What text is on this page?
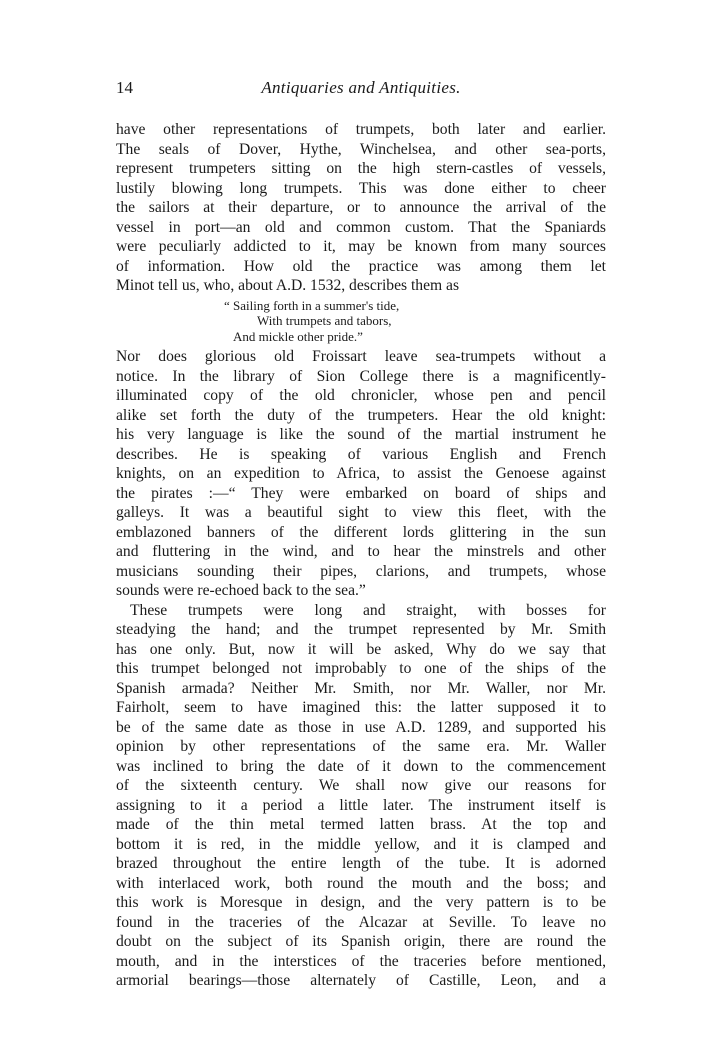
14	Antiquaries and Antiquities.
have other representations of trumpets, both later and earlier.
The seals of Dover, Hythe, Winchelsea, and other sea-ports,
represent trumpeters sitting on the high stern-castles of vessels,
lustily blowing long trumpets. This was done either to cheer
the sailors at their departure, or to announce the arrival of the
vessel in port—an old and common custom. That the Spaniards
were peculiarly addicted to it, may be known from many sources
of information. How old the practice was among them let
Minot tell us, who, about A.D. 1532, describes them as
“ Sailing forth in a summer's tide,
With trumpets and tabors,
And mickle other pride.”
Nor does glorious old Froissart leave sea-trumpets without a
notice. In the library of Sion College there is a magnificently-
illuminated copy of the old chronicler, whose pen and pencil
alike set forth the duty of the trumpeters. Hear the old knight:
his very language is like the sound of the martial instrument he
describes. He is speaking of various English and French
knights, on an expedition to Africa, to assist the Genoese against
the pirates :—“ They were embarked on board of ships and
galleys. It was a beautiful sight to view this fleet, with the
emblazoned banners of the different lords glittering in the sun
and fluttering in the wind, and to hear the minstrels and other
musicians sounding their pipes, clarions, and trumpets, whose
sounds were re-echoed back to the sea.”
These trumpets were long and straight, with bosses for
steadying the hand; and the trumpet represented by Mr. Smith
has one only. But, now it will be asked, Why do we say that
this trumpet belonged not improbably to one of the ships of the
Spanish armada? Neither Mr. Smith, nor Mr. Waller, nor Mr.
Fairholt, seem to have imagined this: the latter supposed it to
be of the same date as those in use A.D. 1289, and supported his
opinion by other representations of the same era. Mr. Waller
was inclined to bring the date of it down to the commencement
of the sixteenth century. We shall now give our reasons for
assigning to it a period a little later. The instrument itself is
made of the thin metal termed latten brass. At the top and
bottom it is red, in the middle yellow, and it is clamped and
brazed throughout the entire length of the tube. It is adorned
with interlaced work, both round the mouth and the boss; and
this work is Moresque in design, and the very pattern is to be
found in the traceries of the Alcazar at Seville. To leave no
doubt on the subject of its Spanish origin, there are round the
mouth, and in the interstices of the traceries before mentioned,
armorial bearings—those alternately of Castille, Leon, and a
